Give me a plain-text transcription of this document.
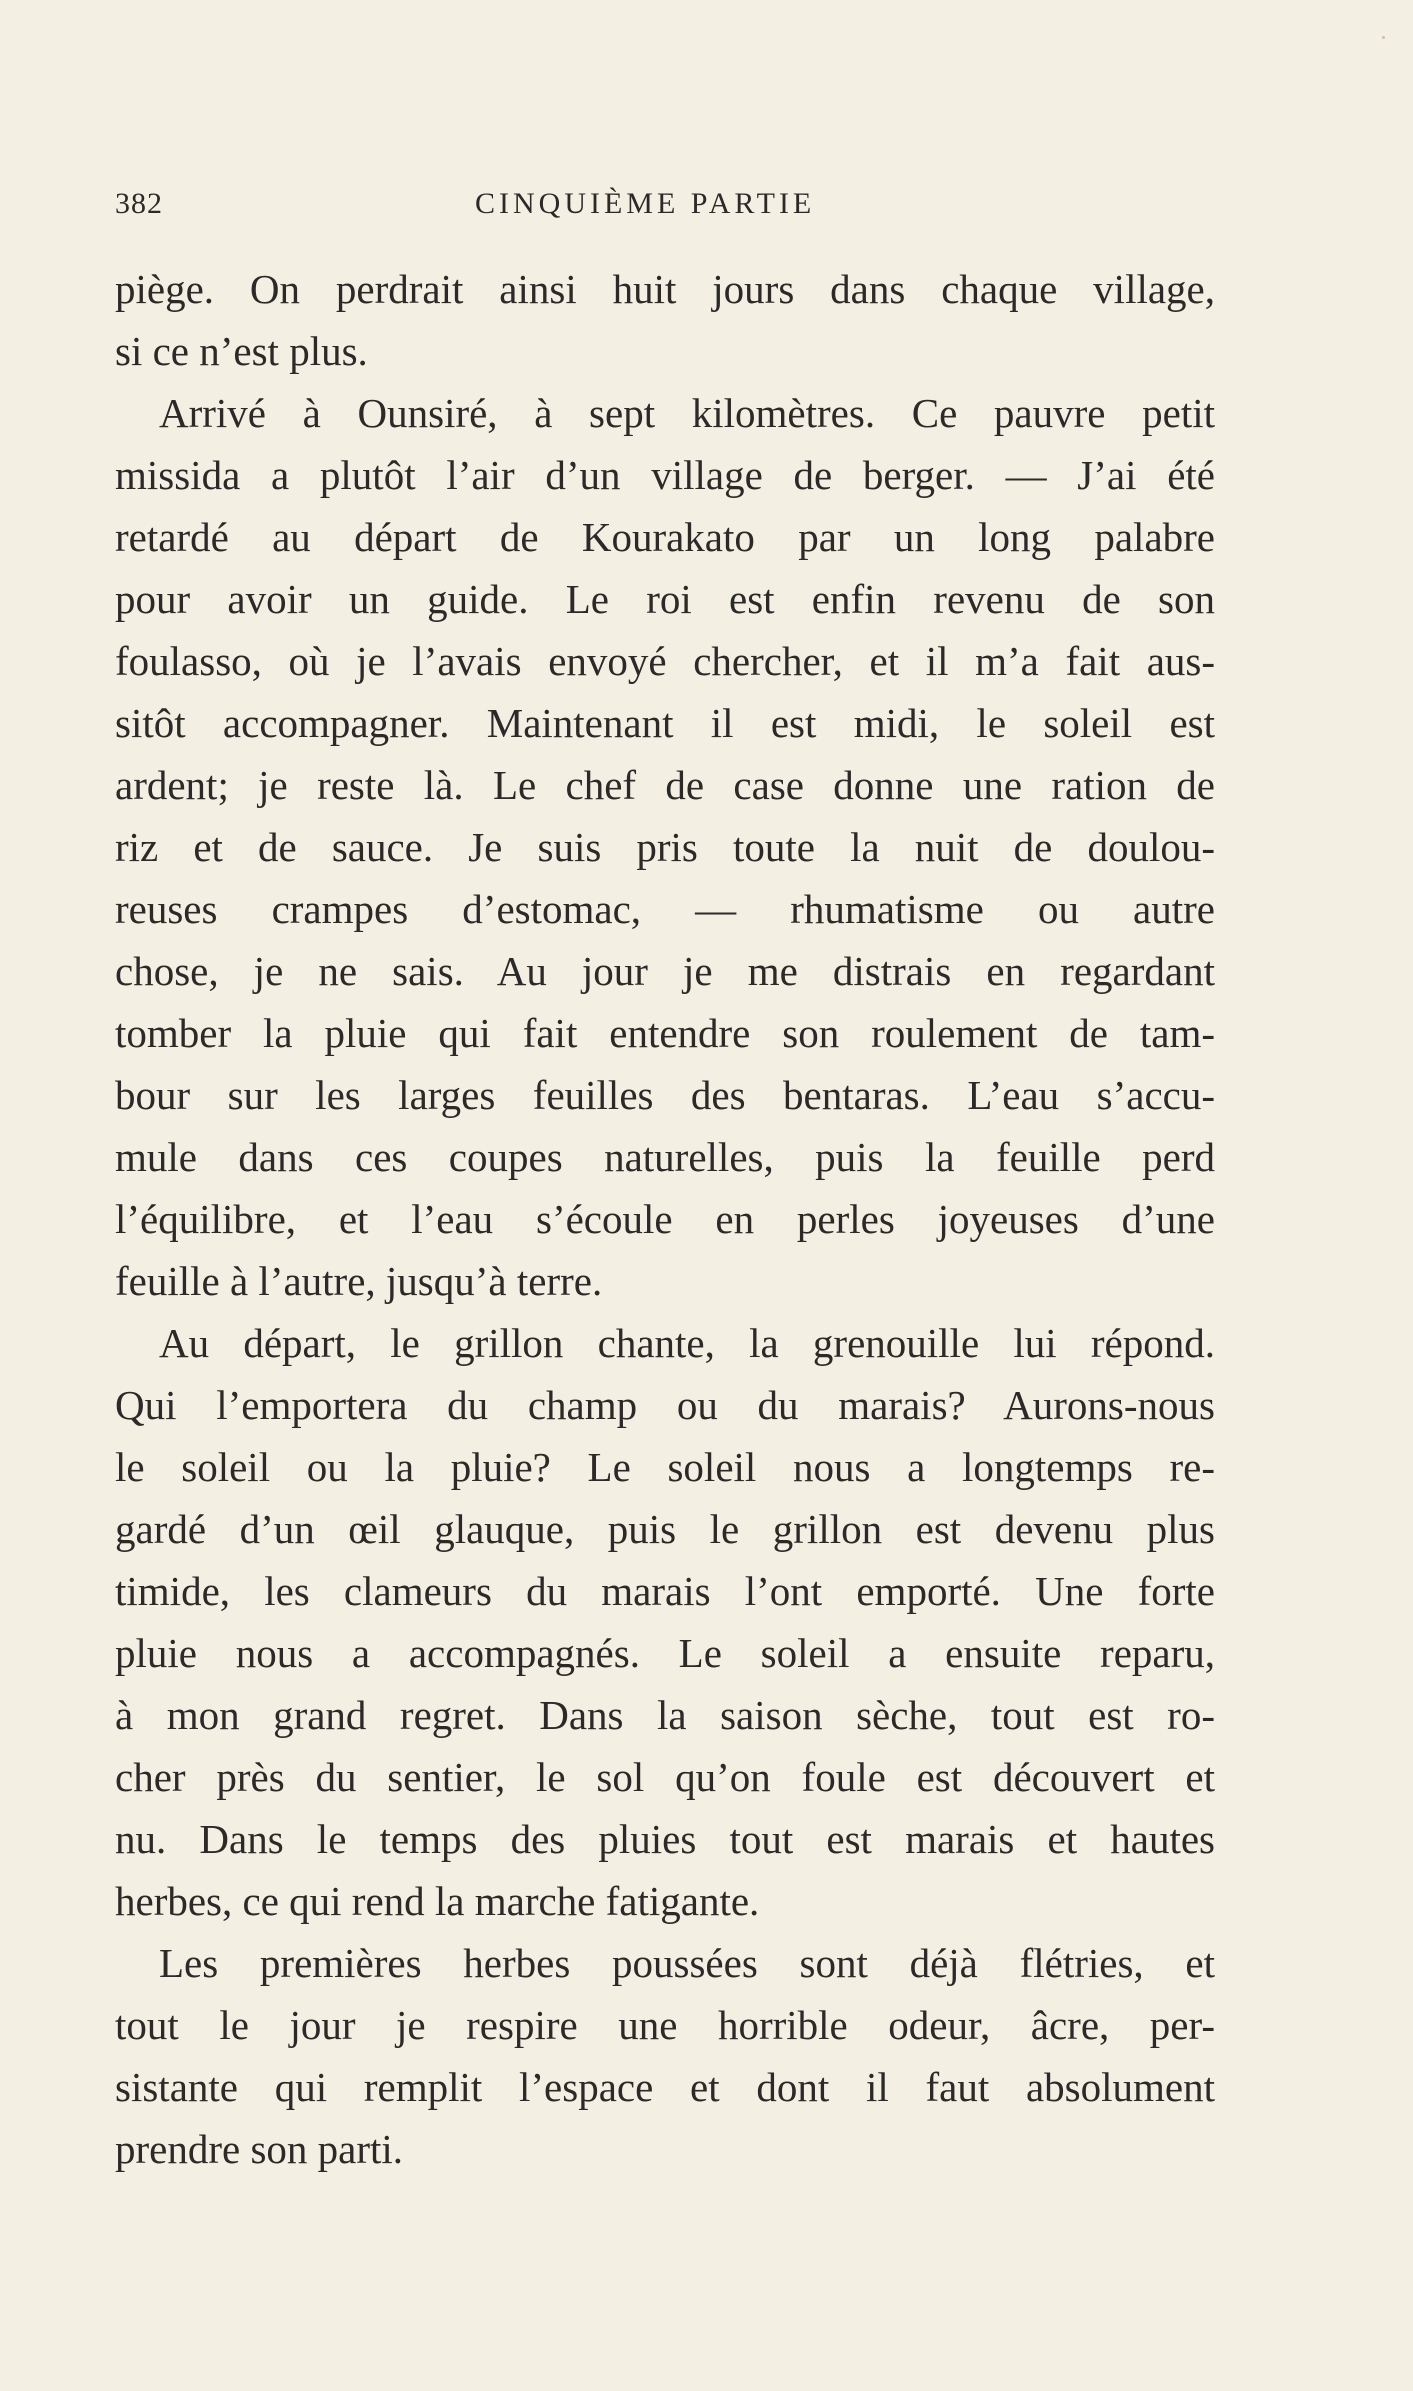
382	CINQUIÈME PARTIE

piège. On perdrait ainsi huit jours dans chaque village,
si ce n’est plus.

Arrivé à Ounsiré, à sept kilomètres. Ce pauvre petit
missida a plutôt l’air d’un village de berger. — J’ai été
retardé au départ de Kourakato par un long palabre
pour avoir un guide. Le roi est enfin revenu de son
foulasso, où je l’avais envoyé chercher, et il m’a fait aus-
sitôt accompagner. Maintenant il est midi, le soleil est
ardent; je reste là. Le chef de case donne une ration de
riz et de sauce. Je suis pris toute la nuit de doulou-
reuses crampes d’estomac, — rhumatisme ou autre
chose, je ne sais. Au jour je me distrais en regardant
tomber la pluie qui fait entendre son roulement de tam-
bour sur les larges feuilles des bentaras. L’eau s’accu-
mule dans ces coupes naturelles, puis la feuille perd
l’équilibre, et l’eau s’écoule en perles joyeuses d’une
feuille à l’autre, jusqu’à terre.

Au départ, le grillon chante, la grenouille lui répond.
Qui l’emportera du champ ou du marais? Aurons-nous
le soleil ou la pluie? Le soleil nous a longtemps re-
gardé d’un œil glauque, puis le grillon est devenu plus
timide, les clameurs du marais l’ont emporté. Une forte
pluie nous a accompagnés. Le soleil a ensuite reparu,
à mon grand regret. Dans la saison sèche, tout est ro-
cher près du sentier, le sol qu’on foule est découvert et
nu. Dans le temps des pluies tout est marais et hautes
herbes, ce qui rend la marche fatigante.

Les premières herbes poussées sont déjà flétries, et
tout le jour je respire une horrible odeur, âcre, per-
sistante qui remplit l’espace et dont il faut absolument
prendre son parti.
